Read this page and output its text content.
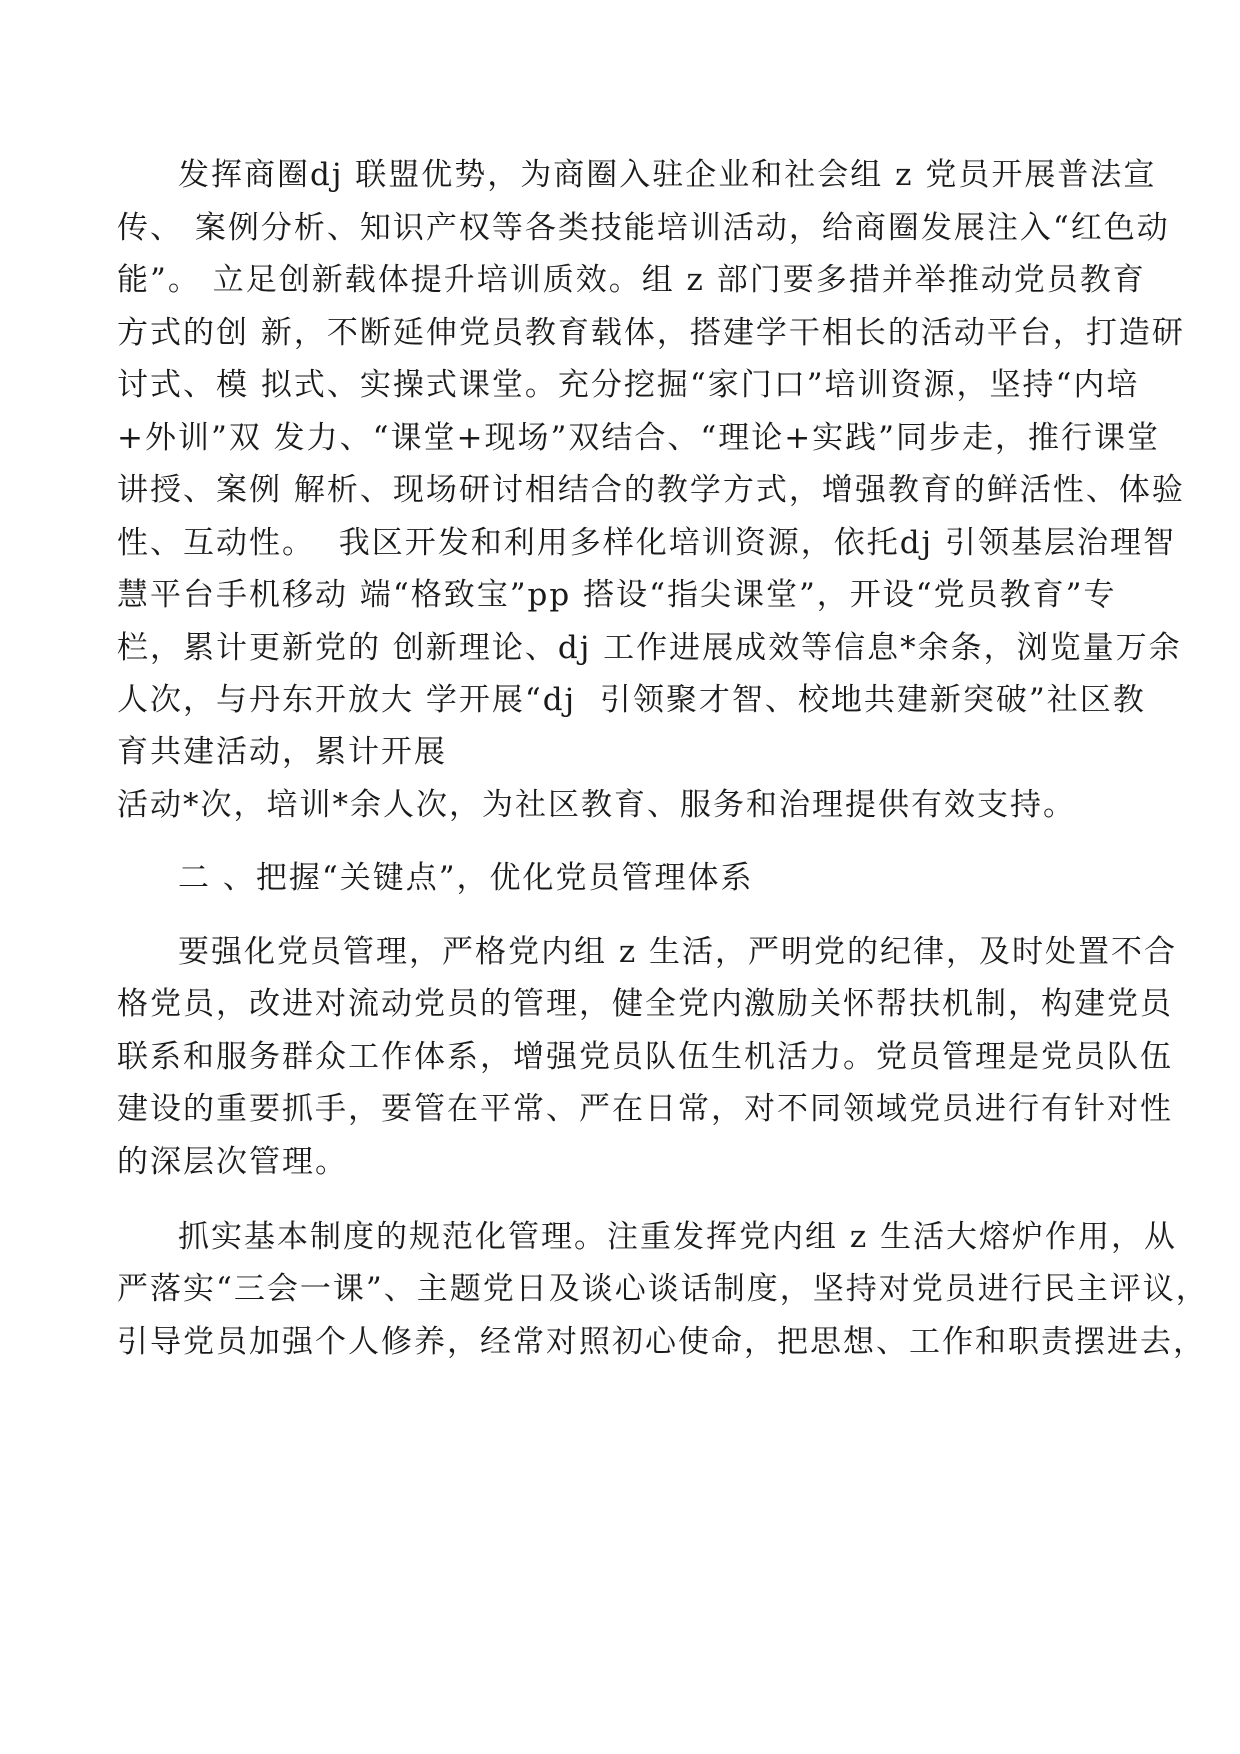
发挥商圈dj 联盟优势，为商圈入驻企业和社会组 z 党员开展普法宣
传、 案例分析、知识产权等各类技能培训活动，给商圈发展注入“红色动
能”。 立足创新载体提升培训质效。组 z 部门要多措并举推动党员教育
方式的创 新，不断延伸党员教育载体，搭建学干相长的活动平台，打造研
讨式、模 拟式、实操式课堂。充分挖掘“家门口”培训资源，坚持“内培
+外训”双 发力、“课堂+现场”双结合、“理论+实践”同步走，推行课堂
讲授、案例 解析、现场研讨相结合的教学方式，增强教育的鲜活性、体验
性、互动性。  我区开发和利用多样化培训资源，依托dj 引领基层治理智
慧平台手机移动 端“格致宝”pp 搭设“指尖课堂”，开设“党员教育”专
栏，累计更新党的 创新理论、dj 工作进展成效等信息*余条，浏览量万余
人次，与丹东开放大 学开展“dj  引领聚才智、校地共建新突破”社区教
育共建活动，累计开展
活动*次，培训*余人次，为社区教育、服务和治理提供有效支持。
二 、把握“关键点”，优化党员管理体系
要强化党员管理，严格党内组 z 生活，严明党的纪律，及时处置不合
格党员，改进对流动党员的管理，健全党内激励关怀帮扶机制，构建党员
联系和服务群众工作体系，增强党员队伍生机活力。党员管理是党员队伍
建设的重要抓手，要管在平常、严在日常，对不同领域党员进行有针对性
的深层次管理。
抓实基本制度的规范化管理。注重发挥党内组 z 生活大熔炉作用，从
严落实“三会一课”、主题党日及谈心谈话制度，坚持对党员进行民主评议，
引导党员加强个人修养，经常对照初心使命，把思想、工作和职责摆进去，
